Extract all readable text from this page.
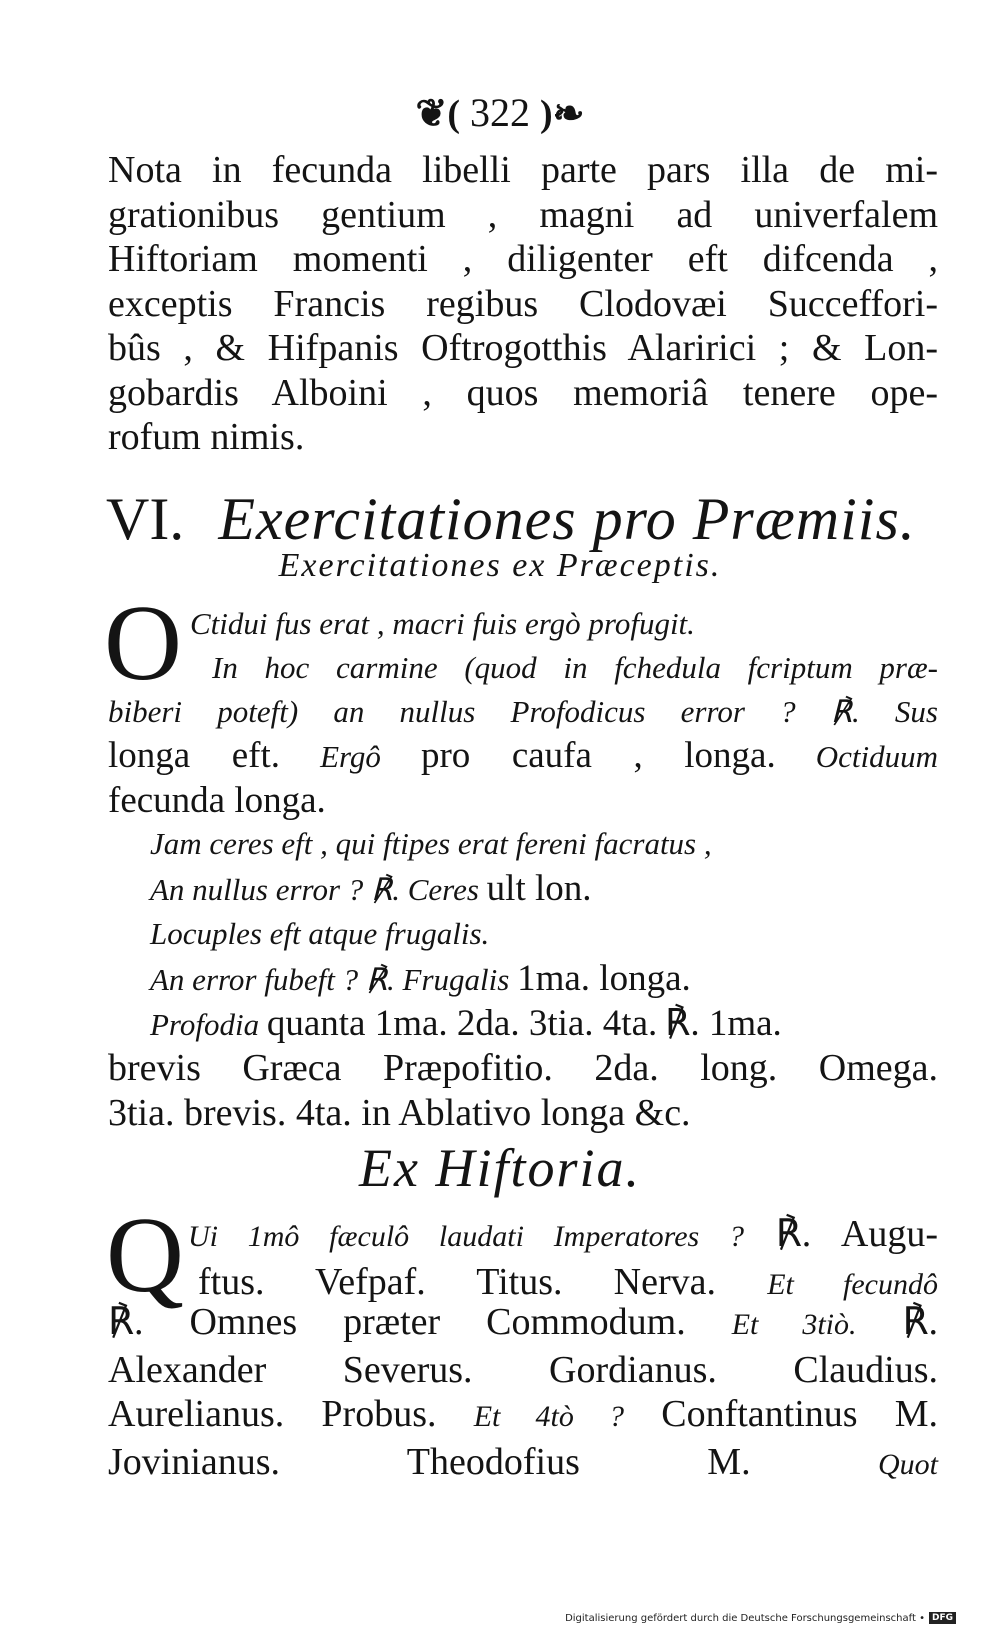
❦( 322 )❧
Nota in fecunda libelli parte pars illa de mi-
grationibus gentium , magni ad univerfalem
Hiftoriam momenti , diligenter eft difcenda ,
exceptis Francis regibus Clodovæi Succeffori-
bûs , & Hifpanis Oftrogotthis Alaririci ; & Lon-
gobardis Alboini , quos memoriâ tenere ope-
rofum nimis.
VI. Exercitationes pro Præmiis.
Exercitationes ex Præceptis.
O Ctidui fus erat , macri fuis ergò profugit.
In hoc carmine (quod in fchedula fcriptum præ-
biberi poteft) an nullus Profodicus error ? ℟. Sus
longa eft. Ergô pro caufa , longa. Octiduum
fecunda longa.
Jam ceres eft , qui ftipes erat fereni facratus ,
An nullus error ? ℟. Ceres ult lon.
Locuples eft atque frugalis.
An error fubeft ? ℟. Frugalis 1ma. longa.
Profodia quanta 1ma. 2da. 3tia. 4ta. ℟. 1ma.
brevis Græca Præpofitio. 2da. long. Omega.
3tia. brevis. 4ta. in Ablativo longa &c.
Ex Hiftoria.
Q Ui 1mô fæculô laudati Imperatores ? ℟. Augu-
ftus. Vefpaf. Titus. Nerva. Et fecundô
℟. Omnes præter Commodum. Et 3tiò. ℟.
Alexander Severus. Gordianus. Claudius.
Aurelianus. Probus. Et 4tò ? Conftantinus M.
Jovinianus. Theodofius M.	Quot
Digitalisierung gefördert durch die Deutsche Forschungsgemeinschaft • DFG
